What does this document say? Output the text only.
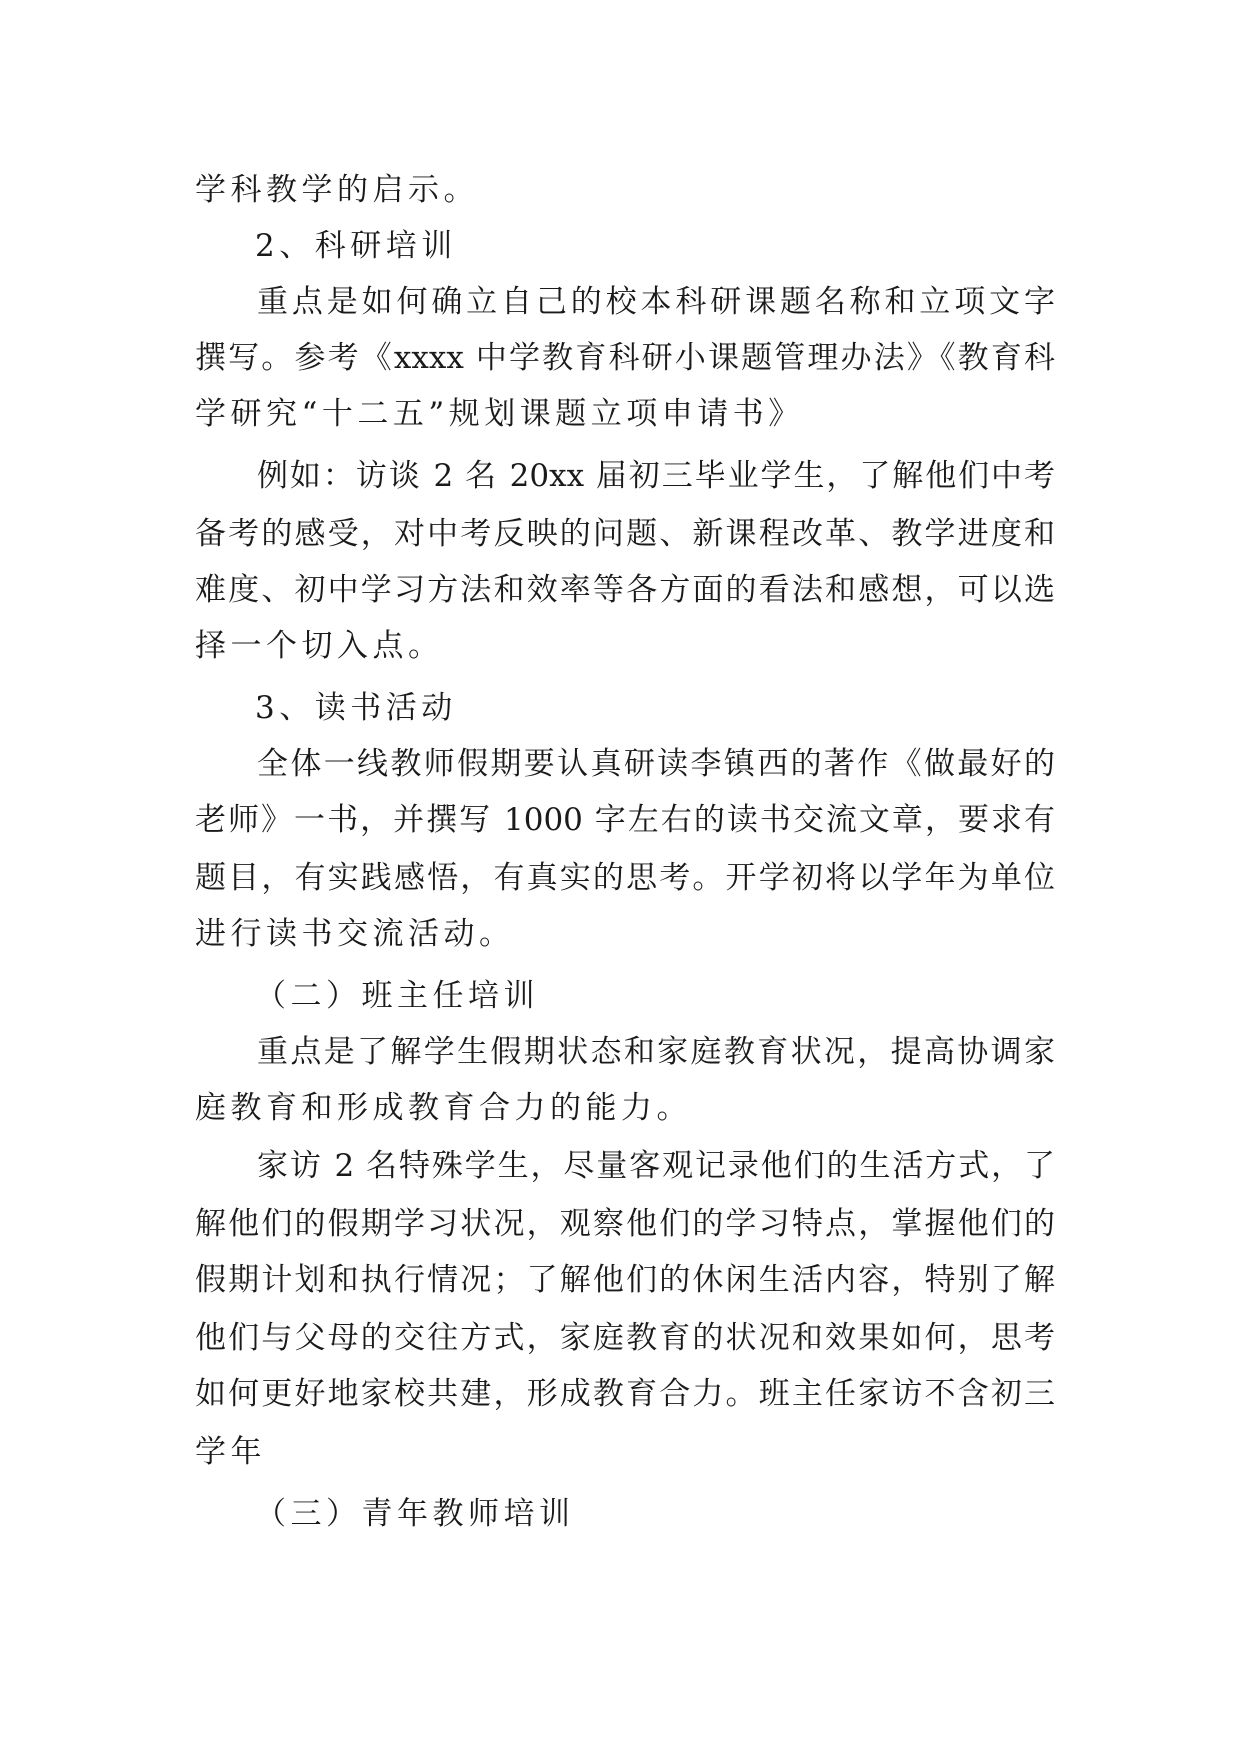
学科教学的启示。
2、科研培训
重点是如何确立自己的校本科研课题名称和立项文字
撰写。参考《xxxx 中学教育科研小课题管理办法》《教育科
学研究“十二五”规划课题立项申请书》
例如：访谈 2 名 20xx 届初三毕业学生，了解他们中考
备考的感受，对中考反映的问题、新课程改革、教学进度和
难度、初中学习方法和效率等各方面的看法和感想，可以选
择一个切入点。
3、读书活动
全体一线教师假期要认真研读李镇西的著作《做最好的
老师》一书，并撰写 1000 字左右的读书交流文章，要求有
题目，有实践感悟，有真实的思考。开学初将以学年为单位
进行读书交流活动。
（二）班主任培训
重点是了解学生假期状态和家庭教育状况，提高协调家
庭教育和形成教育合力的能力。
家访 2 名特殊学生，尽量客观记录他们的生活方式，了
解他们的假期学习状况，观察他们的学习特点，掌握他们的
假期计划和执行情况；了解他们的休闲生活内容，特别了解
他们与父母的交往方式，家庭教育的状况和效果如何，思考
如何更好地家校共建，形成教育合力。班主任家访不含初三
学年
（三）青年教师培训
